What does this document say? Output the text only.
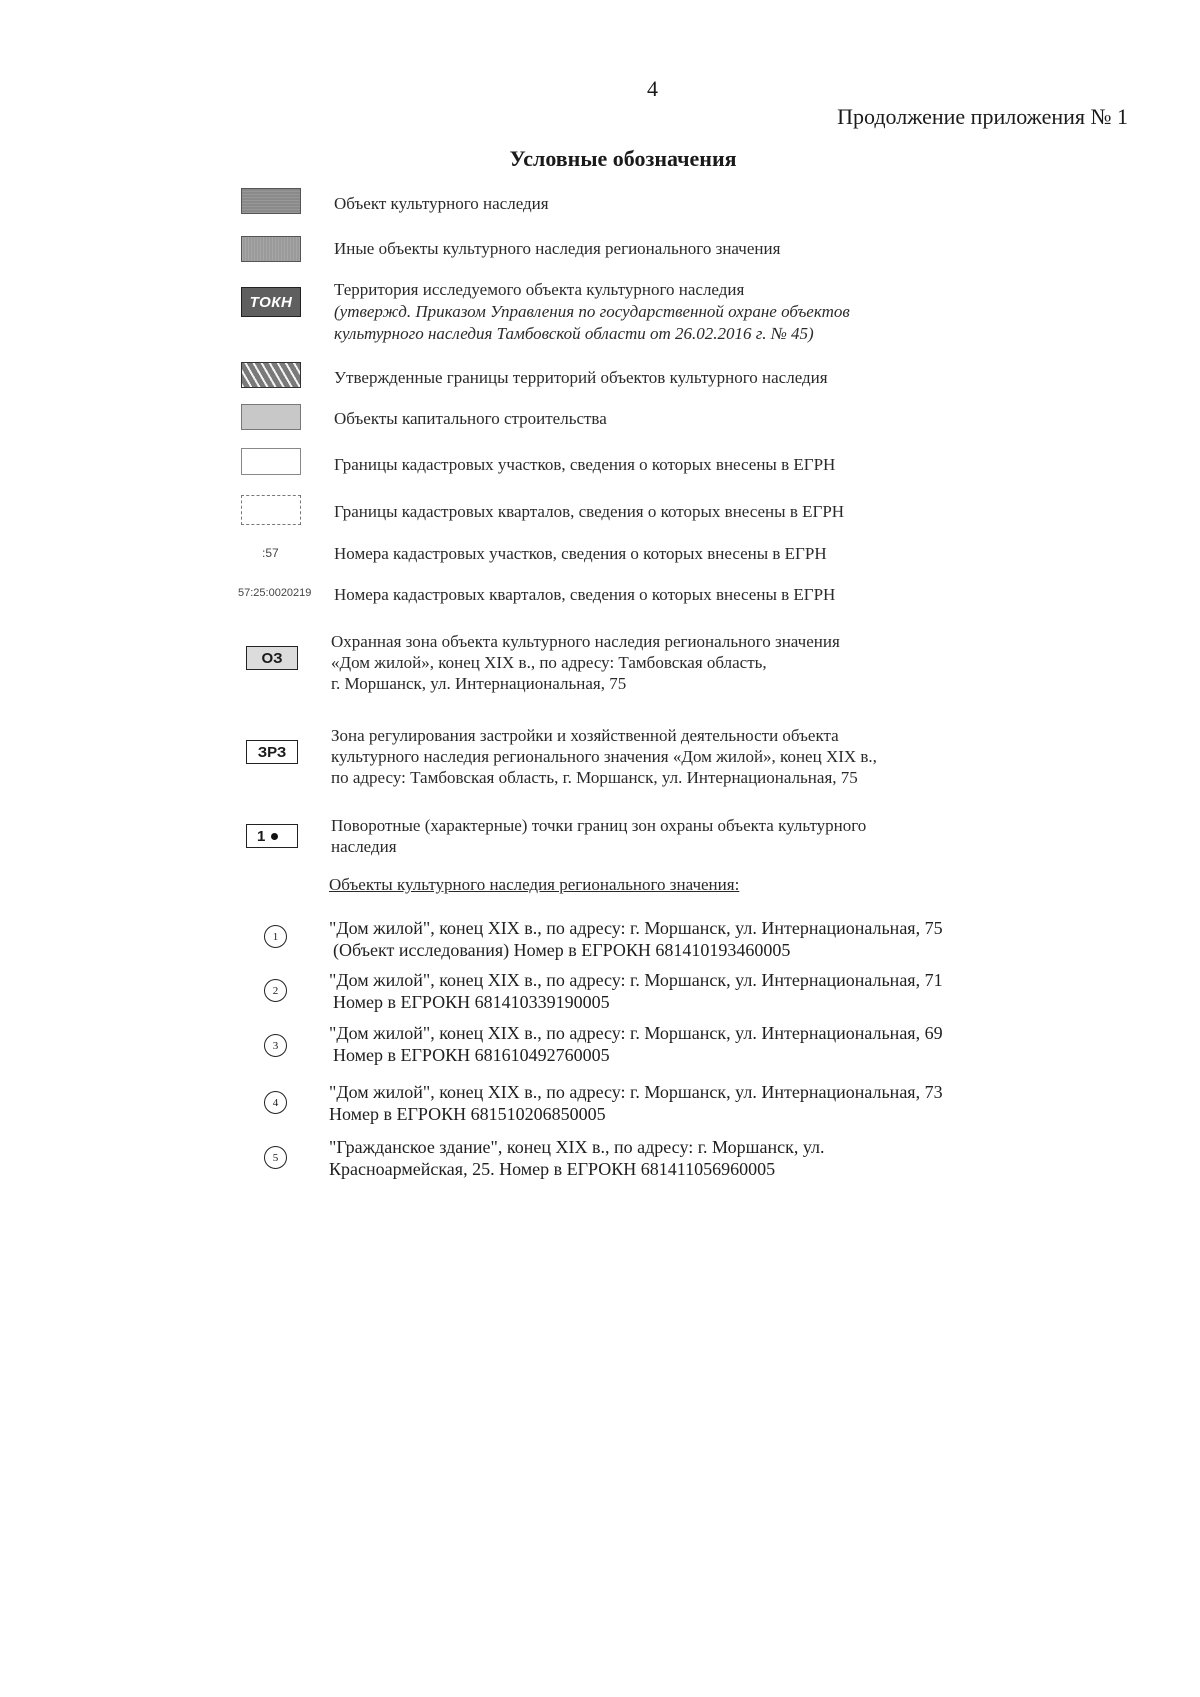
4
Продолжение приложения № 1
Условные обозначения
Объект культурного наследия
Иные объекты культурного наследия регионального значения
ТОКН
Территория исследуемого объекта культурного наследия
(утвержд. Приказом Управления по государственной охране объектов
культурного наследия Тамбовской области от 26.02.2016 г. № 45)
Утвержденные границы территорий объектов культурного наследия
Объекты капитального строительства
Границы кадастровых участков, сведения о которых внесены в ЕГРН
Границы кадастровых кварталов, сведения о которых внесены в ЕГРН
:57	Номера кадастровых участков, сведения о которых внесены в ЕГРН
57:25:0020219 Номера кадастровых кварталов, сведения о которых внесены в ЕГРН
ОЗ
Охранная зона объекта культурного наследия регионального значения
«Дом жилой», конец XIX в., по адресу: Тамбовская область,
г. Моршанск, ул. Интернациональная, 75
ЗРЗ
Зона регулирования застройки и хозяйственной деятельности объекта
культурного наследия регионального значения «Дом жилой», конец XIX в.,
по адресу: Тамбовская область, г. Моршанск, ул. Интернациональная, 75
1
Поворотные (характерные) точки границ зон охраны объекта культурного
наследия
Объекты культурного наследия регионального значения:
1	"Дом жилой", конец XIX в., по адресу: г. Моршанск, ул. Интернациональная, 75
(Объект исследования) Номер в ЕГРОКН 681410193460005
2
"Дом жилой", конец XIX в., по адресу: г. Моршанск, ул. Интернациональная, 71
Номер в ЕГРОКН 681410339190005
3
"Дом жилой", конец XIX в., по адресу: г. Моршанск, ул. Интернациональная, 69
Номер в ЕГРОКН 681610492760005
4
"Дом жилой", конец XIX в., по адресу: г. Моршанск, ул. Интернациональная, 73
Номер в ЕГРОКН 681510206850005
5
"Гражданское здание", конец XIX в., по адресу: г. Моршанск, ул.
Красноармейская, 25. Номер в ЕГРОКН 681411056960005
